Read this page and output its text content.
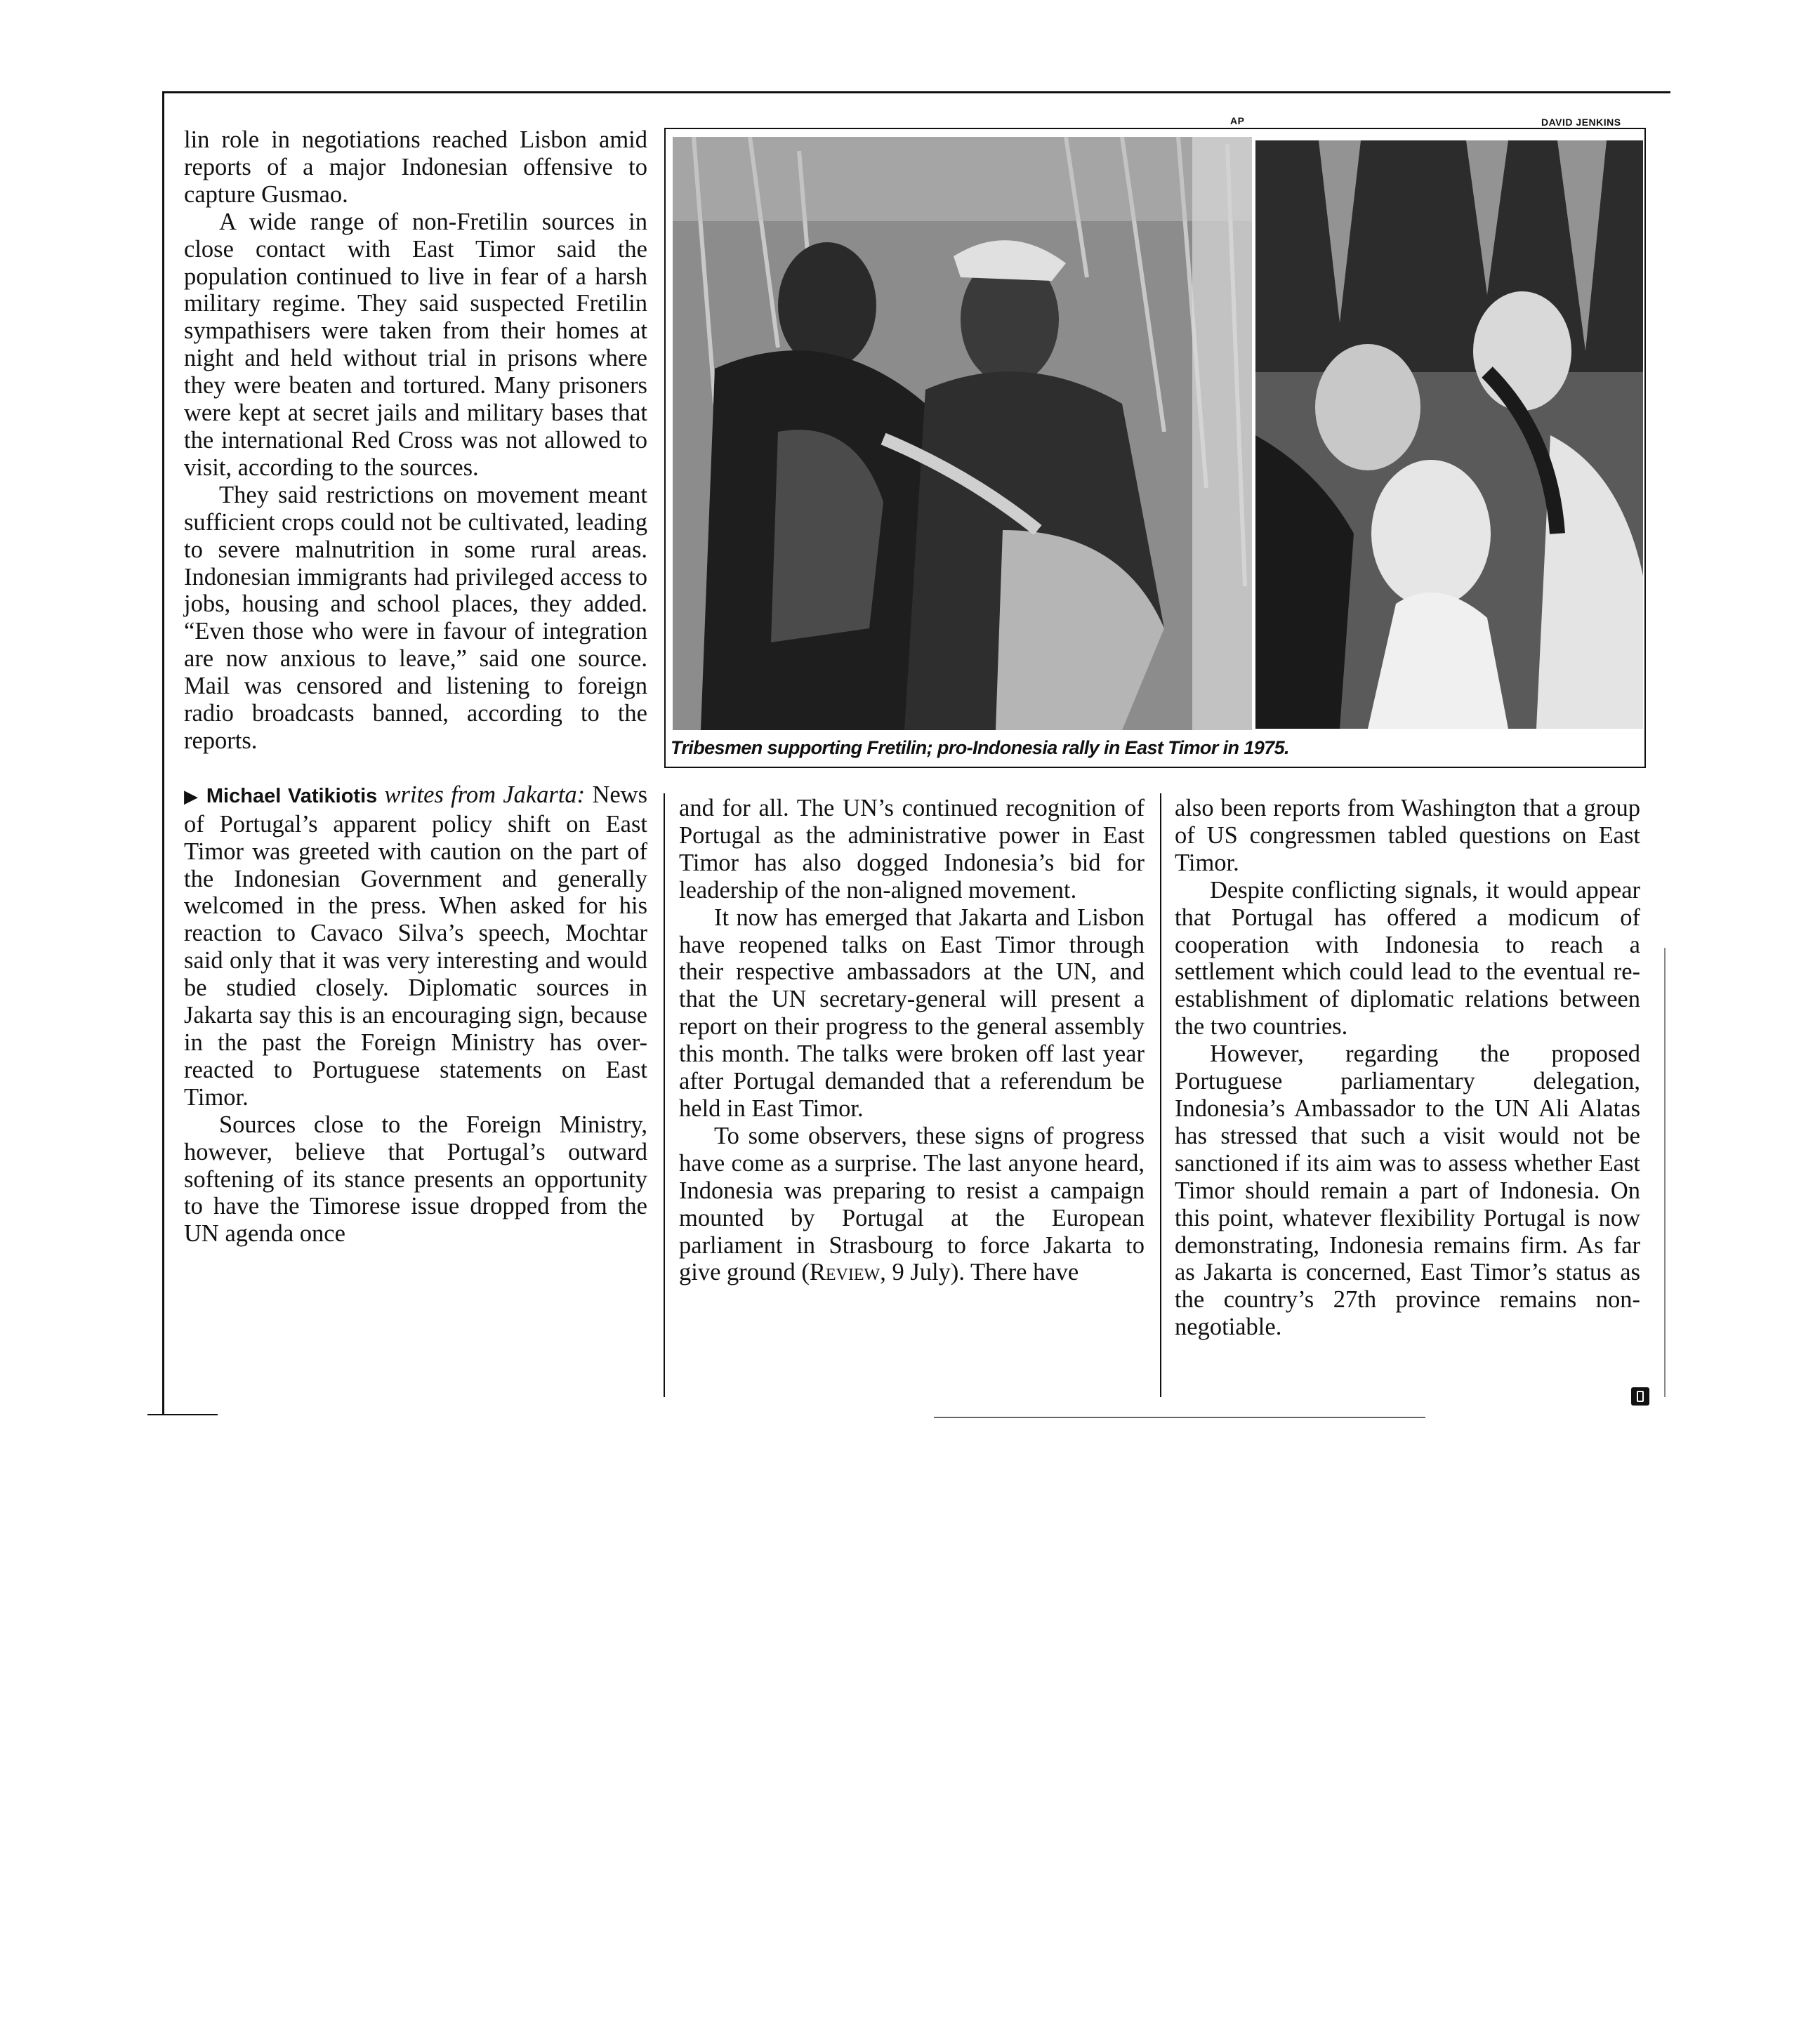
AP	DAVID JENKINS
Tribesmen supporting Fretilin; pro-Indonesia rally in East Timor in 1975.

lin role in negotiations reached Lisbon amid reports of a major Indonesian offensive to capture Gusmao.

A wide range of non-Fretilin sources in close contact with East Timor said the population continued to live in fear of a harsh military regime. They said suspected Fretilin sympathisers were taken from their homes at night and held without trial in prisons where they were beaten and tortured. Many prisoners were kept at secret jails and military bases that the international Red Cross was not allowed to visit, according to the sources.

They said restrictions on movement meant sufficient crops could not be cultivated, leading to severe malnutrition in some rural areas. Indonesian immigrants had privileged access to jobs, housing and school places, they added. “Even those who were in favour of integration are now anxious to leave,” said one source. Mail was censored and listening to foreign radio broadcasts banned, according to the reports.

▶ Michael Vatikiotis writes from Jakarta: News of Portugal’s apparent policy shift on East Timor was greeted with caution on the part of the Indonesian Government and generally welcomed in the press. When asked for his reaction to Cavaco Silva’s speech, Mochtar said only that it was very interesting and would be studied closely. Diplomatic sources in Jakarta say this is an encouraging sign, because in the past the Foreign Ministry has over-reacted to Portuguese statements on East Timor.

Sources close to the Foreign Ministry, however, believe that Portugal’s outward softening of its stance presents an opportunity to have the Timorese issue dropped from the UN agenda once

and for all. The UN’s continued recognition of Portugal as the administrative power in East Timor has also dogged Indonesia’s bid for leadership of the non-aligned movement.

It now has emerged that Jakarta and Lisbon have reopened talks on East Timor through their respective ambassadors at the UN, and that the UN secretary-general will present a report on their progress to the general assembly this month. The talks were broken off last year after Portugal demanded that a referendum be held in East Timor.

To some observers, these signs of progress have come as a surprise. The last anyone heard, Indonesia was preparing to resist a campaign mounted by Portugal at the European parliament in Strasbourg to force Jakarta to give ground (Review, 9 July). There have

also been reports from Washington that a group of US congressmen tabled questions on East Timor.

Despite conflicting signals, it would appear that Portugal has offered a modicum of cooperation with Indonesia to reach a settlement which could lead to the eventual re-establishment of diplomatic relations between the two countries.

However, regarding the proposed Portuguese parliamentary delegation, Indonesia’s Ambassador to the UN Ali Alatas has stressed that such a visit would not be sanctioned if its aim was to assess whether East Timor should remain a part of Indonesia. On this point, whatever flexibility Portugal is now demonstrating, Indonesia remains firm. As far as Jakarta is concerned, East Timor’s status as the country’s 27th province remains non-negotiable.
